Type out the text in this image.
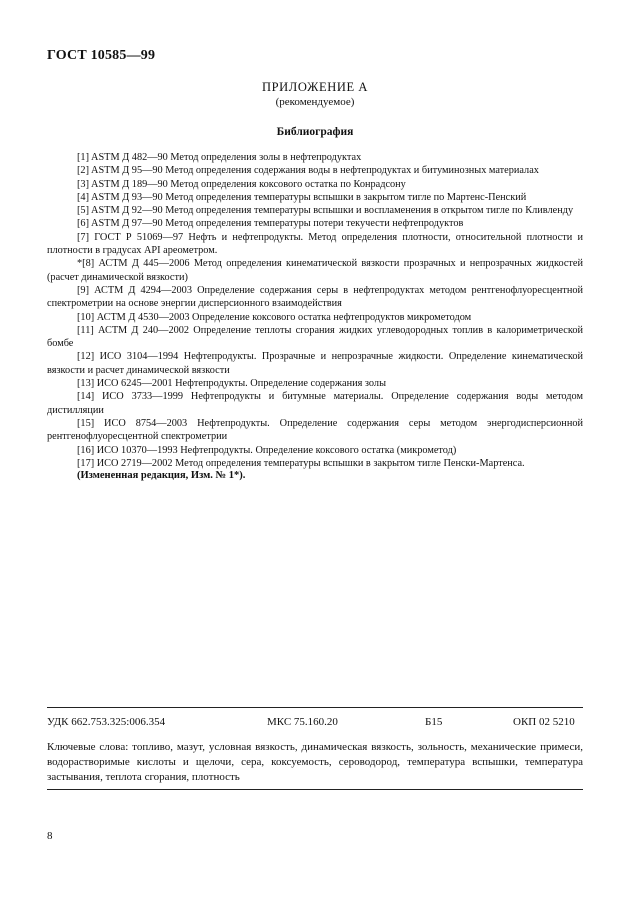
ГОСТ 10585—99
ПРИЛОЖЕНИЕ А
(рекомендуемое)
Библиография

[1] ASTM Д 482—90 Метод определения золы в нефтепродуктах

[2] ASTM Д 95—90 Метод определения содержания воды в нефтепродуктах и битуминозных материалах

[3] ASTM Д 189—90 Метод определения коксового остатка по Конрадсону

[4] ASTM Д 93—90 Метод определения температуры вспышки в закрытом тигле по Мартенс-Пенский

[5] ASTM Д 92—90 Метод определения температуры вспышки и воспламенения в открытом тигле по Кливленду

[6] ASTM Д 97—90 Метод определения температуры потери текучести нефтепродуктов

[7] ГОСТ Р 51069—97 Нефть и нефтепродукты. Метод определения плотности, относительной плотности и плотности в градусах API ареометром.

*[8] АСТМ Д 445—2006 Метод определения кинематической вязкости прозрачных и непрозрачных жидкостей (расчет динамической вязкости)

[9] АСТМ Д 4294—2003 Определение содержания серы в нефтепродуктах методом рентгенофлуоресцентной спектрометрии на основе энергии дисперсионного взаимодействия

[10] АСТМ Д 4530—2003 Определение коксового остатка нефтепродуктов микрометодом

[11] АСТМ Д 240—2002 Определение теплоты сгорания жидких углеводородных топлив в калориметрической бомбе

[12] ИСО 3104—1994 Нефтепродукты. Прозрачные и непрозрачные жидкости. Определение кинематической вязкости и расчет динамической вязкости

[13] ИСО 6245—2001 Нефтепродукты. Определение содержания золы

[14] ИСО 3733—1999 Нефтепродукты и битумные материалы. Определение содержания воды методом дистилляции

[15] ИСО 8754—2003 Нефтепродукты. Определение содержания серы методом энергодисперсионной рентгенофлуоресцентной спектрометрии

[16] ИСО 10370—1993 Нефтепродукты. Определение коксового остатка (микрометод)

[17] ИСО 2719—2002 Метод определения температуры вспышки в закрытом тигле Пенски-Мартенса.

(Измененная редакция, Изм. № 1*).
УДК 662.753.325:006.354	МКС 75.160.20	Б15	ОКП 02 5210
Ключевые слова: топливо, мазут, условная вязкость, динамическая вязкость, зольность, механические примеси, водорастворимые кислоты и щелочи, сера, коксуемость, сероводород, температура вспышки, температура застывания, теплота сгорания, плотность
8
